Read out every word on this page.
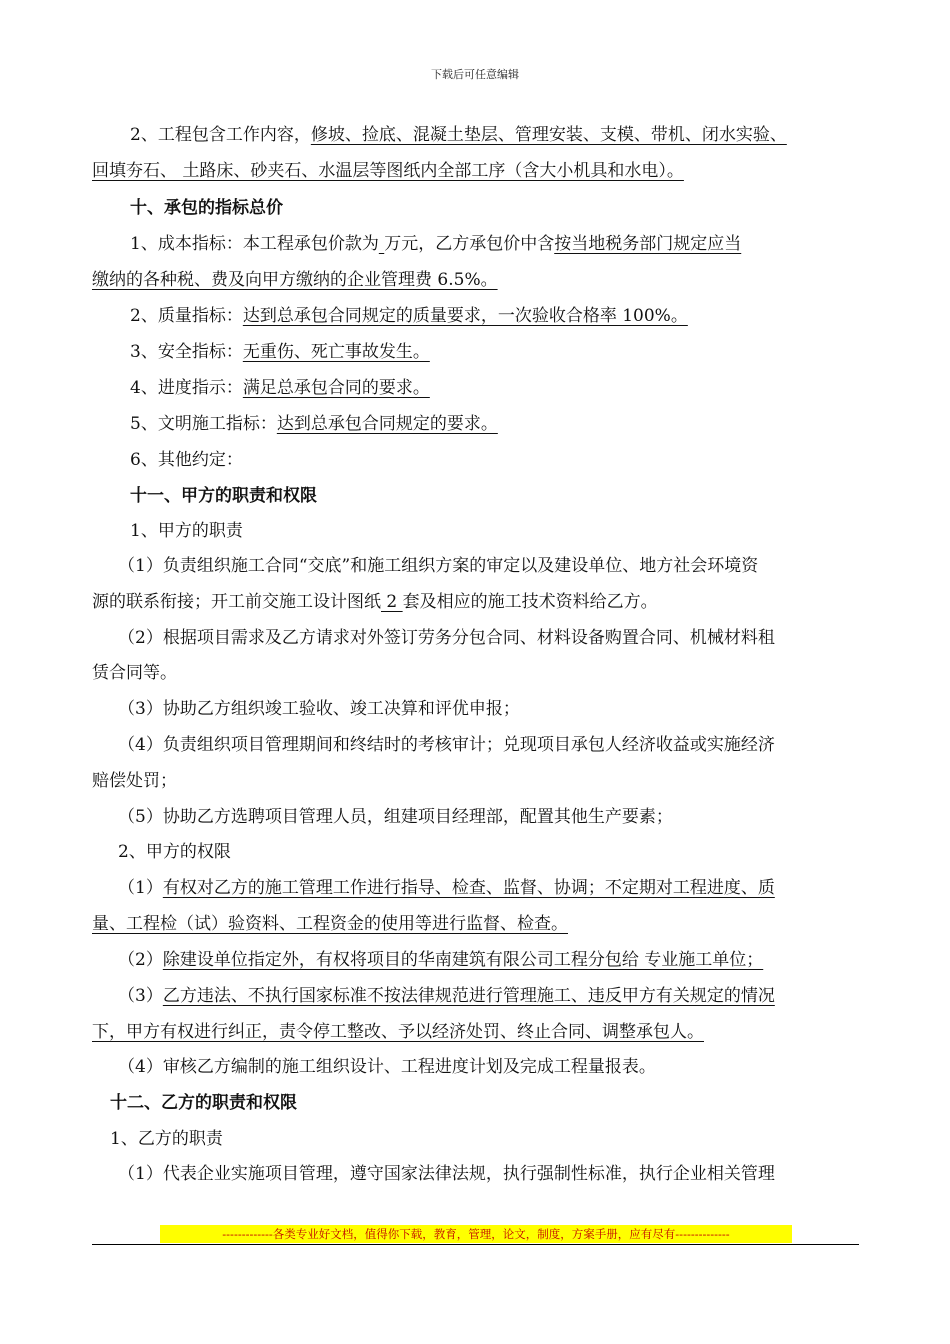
下载后可任意编辑
2、工程包含工作内容，修坡、捡底、混凝土垫层、管理安装、支模、带机、闭水实验、
回填夯石、 土路床、砂夹石、水温层等图纸内全部工序（含大小机具和水电）。
十、承包的指标总价
1、成本指标：本工程承包价款为 万元，乙方承包价中含按当地税务部门规定应当
缴纳的各种税、费及向甲方缴纳的企业管理费 6.5%。
2、质量指标：达到总承包合同规定的质量要求，一次验收合格率 100%。
3、安全指标：无重伤、死亡事故发生。
4、进度指示：满足总承包合同的要求。
5、文明施工指标：达到总承包合同规定的要求。
6、其他约定：
十一、甲方的职责和权限
1、甲方的职责
（1）负责组织施工合同“交底”和施工组织方案的审定以及建设单位、地方社会环境资
源的联系衔接；开工前交施工设计图纸 2 套及相应的施工技术资料给乙方。
（2）根据项目需求及乙方请求对外签订劳务分包合同、材料设备购置合同、机械材料租
赁合同等。
（3）协助乙方组织竣工验收、竣工决算和评优申报；
（4）负责组织项目管理期间和终结时的考核审计；兑现项目承包人经济收益或实施经济
赔偿处罚；
（5）协助乙方选聘项目管理人员，组建项目经理部，配置其他生产要素；
2、甲方的权限
（1）有权对乙方的施工管理工作进行指导、检查、监督、协调；不定期对工程进度、质
量、工程检（试）验资料、工程资金的使用等进行监督、检查。
（2）除建设单位指定外，有权将项目的华南建筑有限公司工程分包给 专业施工单位；
（3）乙方违法、不执行国家标准不按法律规范进行管理施工、违反甲方有关规定的情况
下，甲方有权进行纠正，责令停工整改、予以经济处罚、终止合同、调整承包人。
（4）审核乙方编制的施工组织设计、工程进度计划及完成工程量报表。
十二、乙方的职责和权限
1、乙方的职责
（1）代表企业实施项目管理，遵守国家法律法规，执行强制性标准，执行企业相关管理
-------------各类专业好文档，值得你下载，教育，管理，论文，制度，方案手册，应有尽有--------------
